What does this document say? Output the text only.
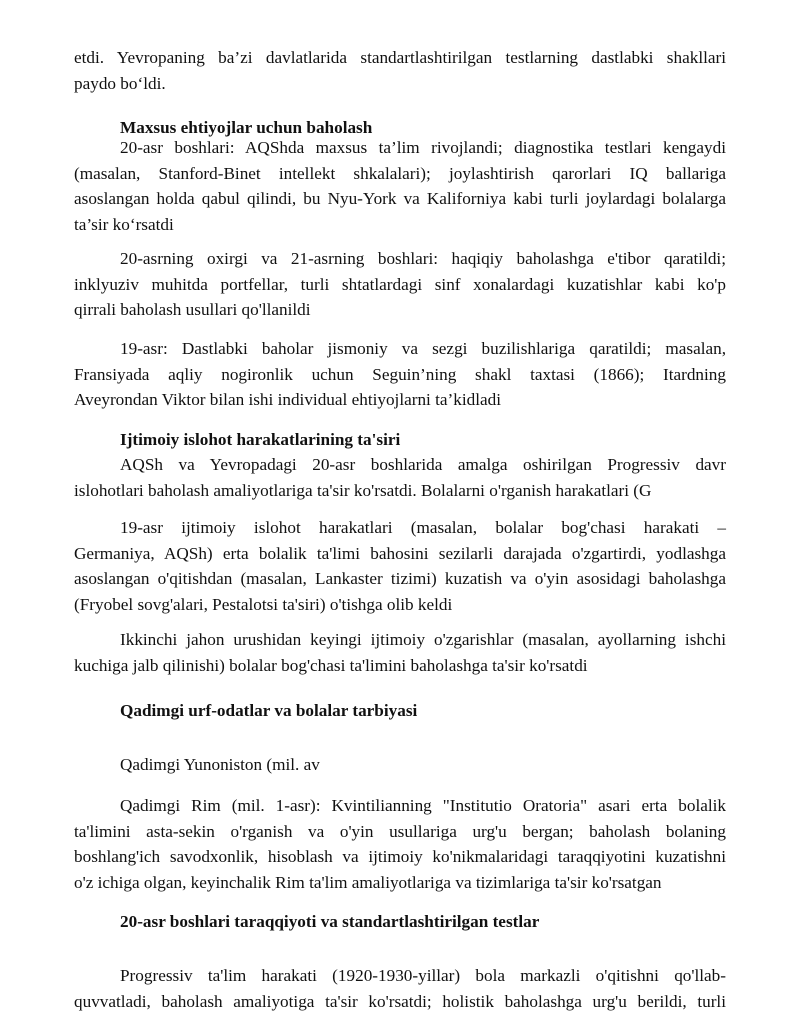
etdi. Yevropaning ba’zi davlatlarida standartlashtirilgan testlarning dastlabki shakllari
paydo bo‘ldi.
Maxsus ehtiyojlar uchun baholash
20-asr boshlari: AQShda maxsus ta’lim rivojlandi; diagnostika testlari kengaydi
(masalan, Stanford-Binet intellekt shkalalari); joylashtirish qarorlari IQ ballariga
asoslangan holda qabul qilindi, bu Nyu-York va Kaliforniya kabi turli joylardagi bolalarga
ta’sir ko‘rsatdi
20-asrning oxirgi va 21-asrning boshlari: haqiqiy baholashga e'tibor qaratildi;
inklyuziv muhitda portfellar, turli shtatlardagi sinf xonalardagi kuzatishlar kabi ko'p
qirrali baholash usullari qo'llanildi
19-asr: Dastlabki baholar jismoniy va sezgi buzilishlariga qaratildi; masalan,
Fransiyada aqliy nogironlik uchun Seguin’ning shakl taxtasi (1866); Itardning
Aveyrondan Viktor bilan ishi individual ehtiyojlarni ta’kidladi
Ijtimoiy islohot harakatlarining ta'siri
AQSh va Yevropadagi 20-asr boshlarida amalga oshirilgan Progressiv davr
islohotlari baholash amaliyotlariga ta'sir ko'rsatdi. Bolalarni o'rganish harakatlari (G
19-asr ijtimoiy islohot harakatlari (masalan, bolalar bog'chasi harakati –
Germaniya, AQSh) erta bolalik ta'limi bahosini sezilarli darajada o'zgartirdi, yodlashga
asoslangan o'qitishdan (masalan, Lankaster tizimi) kuzatish va o'yin asosidagi baholashga
(Fryobel sovg'alari, Pestalotsi ta'siri) o'tishga olib keldi
Ikkinchi jahon urushidan keyingi ijtimoiy o'zgarishlar (masalan, ayollarning ishchi
kuchiga jalb qilinishi) bolalar bog'chasi ta'limini baholashga ta'sir ko'rsatdi
Qadimgi urf-odatlar va bolalar tarbiyasi
Qadimgi Yunoniston (mil. av
Qadimgi Rim (mil. 1-asr): Kvintilianning "Institutio Oratoria" asari erta bolalik
ta'limini asta-sekin o'rganish va o'yin usullariga urg'u bergan; baholash bolaning
boshlang'ich savodxonlik, hisoblash va ijtimoiy ko'nikmalaridagi taraqqiyotini kuzatishni
o'z ichiga olgan, keyinchalik Rim ta'lim amaliyotlariga va tizimlariga ta'sir ko'rsatgan
20-asr boshlari taraqqiyoti va standartlashtirilgan testlar
Progressiv ta'lim harakati (1920-1930-yillar) bola markazli o'qitishni qo'llab-
quvvatladi, baholash amaliyotiga ta'sir ko'rsatdi; holistik baholashga urg'u berildi, turli
